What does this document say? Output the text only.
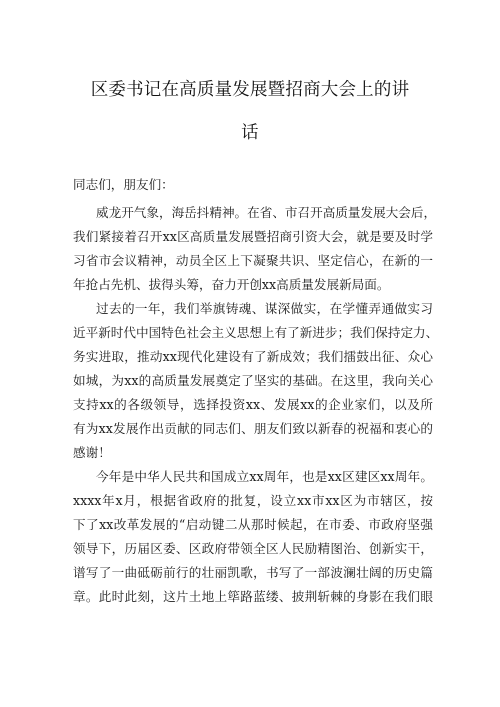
区委书记在高质量发展暨招商大会上的讲
话
同志们，朋友们：
威龙开气象，海岳抖精神。在省、市召开高质量发展大会后，
我们紧接着召开xx区高质量发展暨招商引资大会，就是要及时学
习省市会议精神，动员全区上下凝聚共识、坚定信心，在新的一
年抢占先机、拔得头筹，奋力开创xx高质量发展新局面。
过去的一年，我们举旗铸魂、谋深做实，在学懂弄通做实习
近平新时代中国特色社会主义思想上有了新进步；我们保持定力、
务实进取，推动xx现代化建设有了新成效；我们擂鼓出征、众心
如城，为xx的高质量发展奠定了坚实的基础。在这里，我向关心
支持xx的各级领导，选择投资xx、发展xx的企业家们，以及所
有为xx发展作出贡献的同志们、朋友们致以新春的祝福和衷心的
感谢！
今年是中华人民共和国成立xx周年，也是xx区建区xx周年。
xxxx年x月，根据省政府的批复，设立xx市xx区为市辖区，按
下了xx改革发展的“启动键二从那时候起，在市委、市政府坚强
领导下，历届区委、区政府带领全区人民励精图治、创新实干，
谱写了一曲砥砺前行的壮丽凯歌，书写了一部波澜壮阔的历史篇
章。此时此刻，这片土地上筚路蓝缕、披荆斩棘的身影在我们眼
